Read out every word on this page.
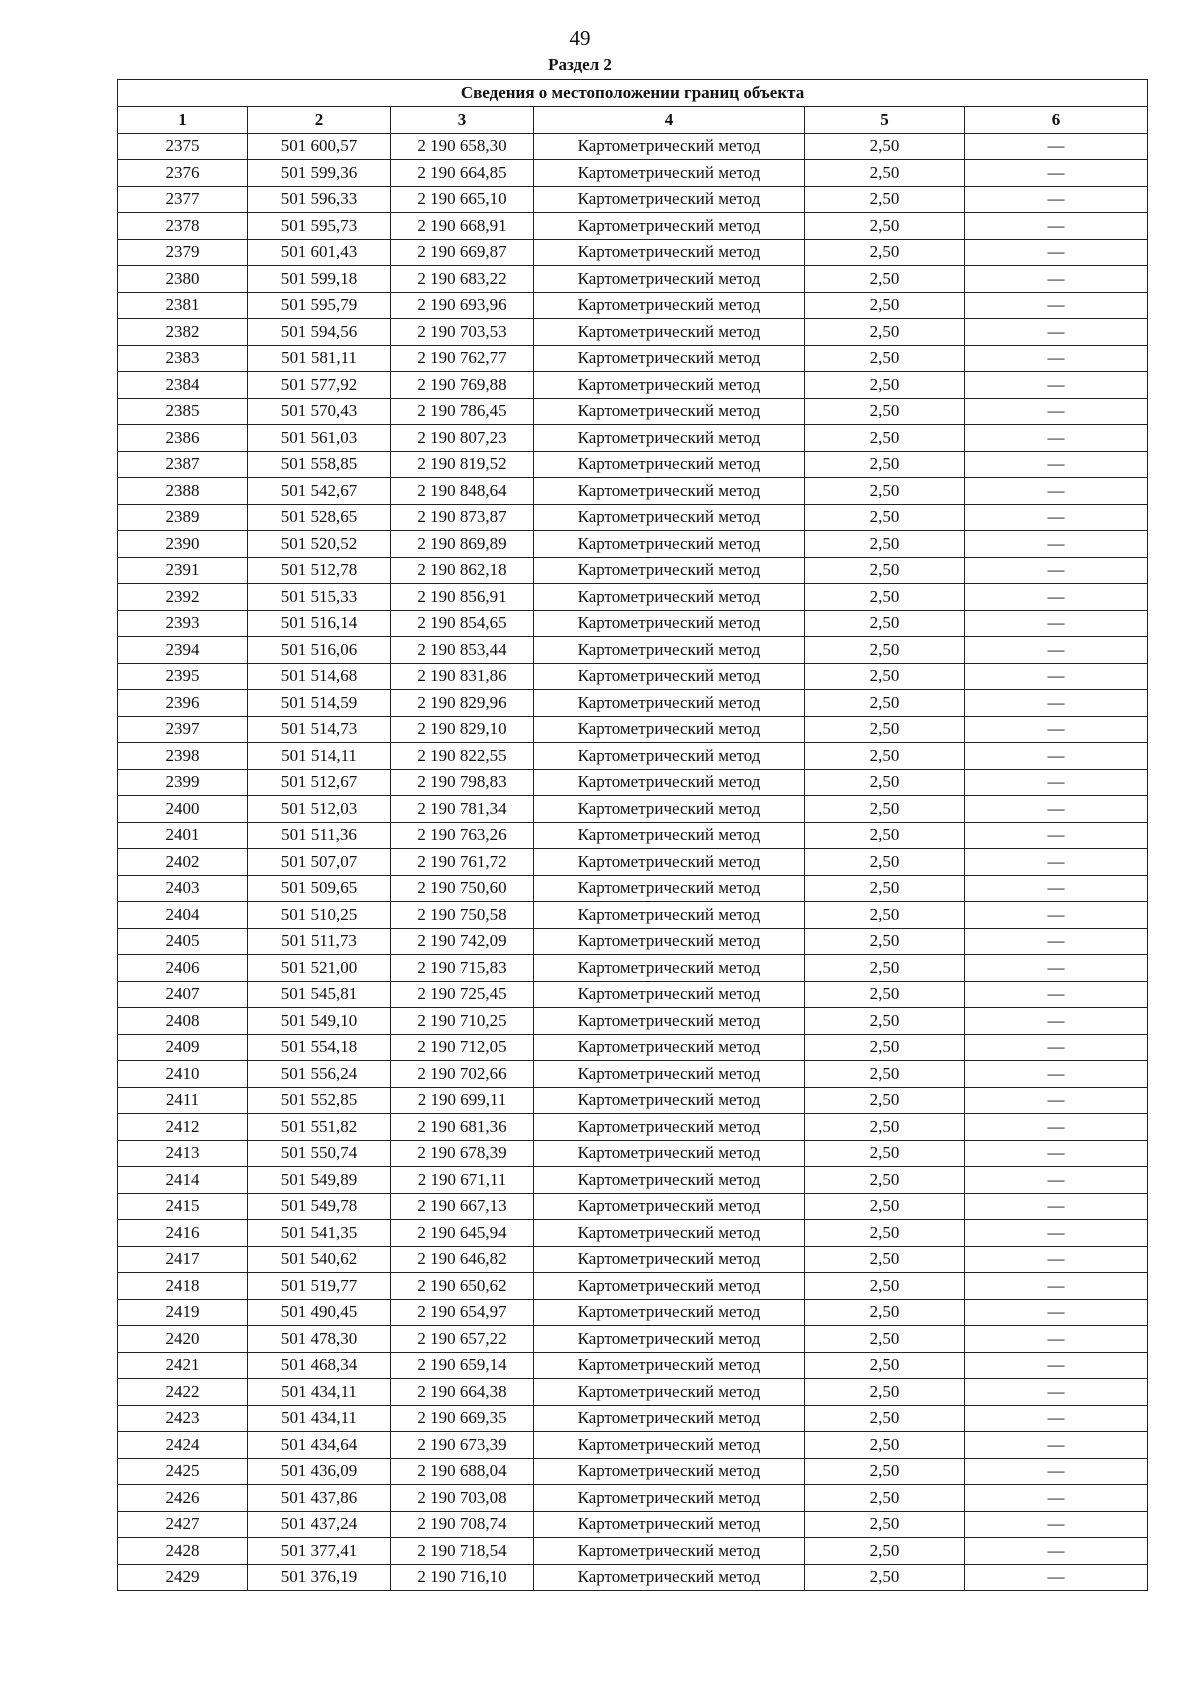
49
Раздел 2
Сведения о местоположении границ объекта					
1	2	3	4	5	6
2375	501 600,57	2 190 658,30	Картометрический метод	2,50	—
2376	501 599,36	2 190 664,85	Картометрический метод	2,50	—
2377	501 596,33	2 190 665,10	Картометрический метод	2,50	—
2378	501 595,73	2 190 668,91	Картометрический метод	2,50	—
2379	501 601,43	2 190 669,87	Картометрический метод	2,50	—
2380	501 599,18	2 190 683,22	Картометрический метод	2,50	—
2381	501 595,79	2 190 693,96	Картометрический метод	2,50	—
2382	501 594,56	2 190 703,53	Картометрический метод	2,50	—
2383	501 581,11	2 190 762,77	Картометрический метод	2,50	—
2384	501 577,92	2 190 769,88	Картометрический метод	2,50	—
2385	501 570,43	2 190 786,45	Картометрический метод	2,50	—
2386	501 561,03	2 190 807,23	Картометрический метод	2,50	—
2387	501 558,85	2 190 819,52	Картометрический метод	2,50	—
2388	501 542,67	2 190 848,64	Картометрический метод	2,50	—
2389	501 528,65	2 190 873,87	Картометрический метод	2,50	—
2390	501 520,52	2 190 869,89	Картометрический метод	2,50	—
2391	501 512,78	2 190 862,18	Картометрический метод	2,50	—
2392	501 515,33	2 190 856,91	Картометрический метод	2,50	—
2393	501 516,14	2 190 854,65	Картометрический метод	2,50	—
2394	501 516,06	2 190 853,44	Картометрический метод	2,50	—
2395	501 514,68	2 190 831,86	Картометрический метод	2,50	—
2396	501 514,59	2 190 829,96	Картометрический метод	2,50	—
2397	501 514,73	2 190 829,10	Картометрический метод	2,50	—
2398	501 514,11	2 190 822,55	Картометрический метод	2,50	—
2399	501 512,67	2 190 798,83	Картометрический метод	2,50	—
2400	501 512,03	2 190 781,34	Картометрический метод	2,50	—
2401	501 511,36	2 190 763,26	Картометрический метод	2,50	—
2402	501 507,07	2 190 761,72	Картометрический метод	2,50	—
2403	501 509,65	2 190 750,60	Картометрический метод	2,50	—
2404	501 510,25	2 190 750,58	Картометрический метод	2,50	—
2405	501 511,73	2 190 742,09	Картометрический метод	2,50	—
2406	501 521,00	2 190 715,83	Картометрический метод	2,50	—
2407	501 545,81	2 190 725,45	Картометрический метод	2,50	—
2408	501 549,10	2 190 710,25	Картометрический метод	2,50	—
2409	501 554,18	2 190 712,05	Картометрический метод	2,50	—
2410	501 556,24	2 190 702,66	Картометрический метод	2,50	—
2411	501 552,85	2 190 699,11	Картометрический метод	2,50	—
2412	501 551,82	2 190 681,36	Картометрический метод	2,50	—
2413	501 550,74	2 190 678,39	Картометрический метод	2,50	—
2414	501 549,89	2 190 671,11	Картометрический метод	2,50	—
2415	501 549,78	2 190 667,13	Картометрический метод	2,50	—
2416	501 541,35	2 190 645,94	Картометрический метод	2,50	—
2417	501 540,62	2 190 646,82	Картометрический метод	2,50	—
2418	501 519,77	2 190 650,62	Картометрический метод	2,50	—
2419	501 490,45	2 190 654,97	Картометрический метод	2,50	—
2420	501 478,30	2 190 657,22	Картометрический метод	2,50	—
2421	501 468,34	2 190 659,14	Картометрический метод	2,50	—
2422	501 434,11	2 190 664,38	Картометрический метод	2,50	—
2423	501 434,11	2 190 669,35	Картометрический метод	2,50	—
2424	501 434,64	2 190 673,39	Картометрический метод	2,50	—
2425	501 436,09	2 190 688,04	Картометрический метод	2,50	—
2426	501 437,86	2 190 703,08	Картометрический метод	2,50	—
2427	501 437,24	2 190 708,74	Картометрический метод	2,50	—
2428	501 377,41	2 190 718,54	Картометрический метод	2,50	—
2429	501 376,19	2 190 716,10	Картометрический метод	2,50	—
